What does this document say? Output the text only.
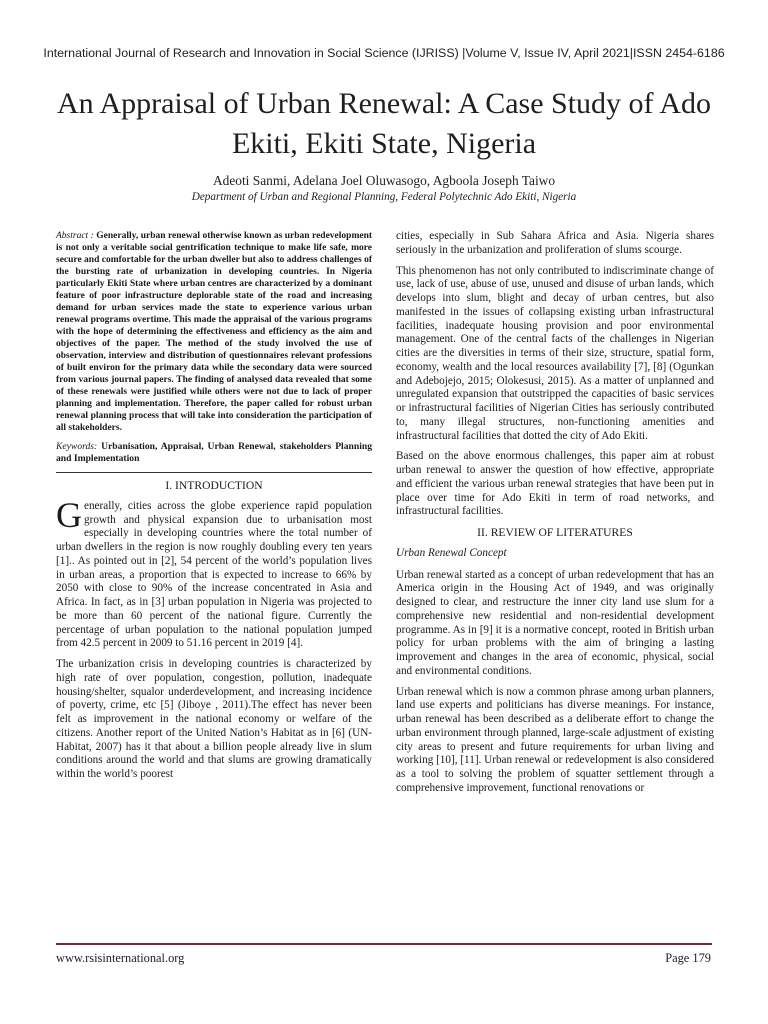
International Journal of Research and Innovation in Social Science (IJRISS) |Volume V, Issue IV, April 2021|ISSN 2454-6186
An Appraisal of Urban Renewal: A Case Study of Ado Ekiti, Ekiti State, Nigeria
Adeoti Sanmi, Adelana Joel Oluwasogo, Agboola Joseph Taiwo
Department of Urban and Regional Planning, Federal Polytechnic Ado Ekiti, Nigeria

Abstract : Generally, urban renewal otherwise known as urban redevelopment is not only a veritable social gentrification technique to make life safe, more secure and comfortable for the urban dweller but also to address challenges of the bursting rate of urbanization in developing countries. In Nigeria particularly Ekiti State where urban centres are characterized by a dominant feature of poor infrastructure deplorable state of the road and increasing demand for urban services made the state to experience various urban renewal programs overtime. This made the appraisal of the various programs with the hope of determining the effectiveness and efficiency as the aim and objectives of the paper. The method of the study involved the use of observation, interview and distribution of questionnaires relevant professions of built environ for the primary data while the secondary data were sourced from various journal papers. The finding of analysed data revealed that some of these renewals were justified while others were not due to lack of proper planning and implementation. Therefore, the paper called for robust urban renewal planning process that will take into consideration the participation of all stakeholders.

Keywords: Urbanisation, Appraisal, Urban Renewal, stakeholders Planning and Implementation

I. INTRODUCTION

Generally, cities across the globe experience rapid population growth and physical expansion due to urbanisation most especially in developing countries where the total number of urban dwellers in the region is now roughly doubling every ten years [1].. As pointed out in [2], 54 percent of the world’s population lives in urban areas, a proportion that is expected to increase to 66% by 2050 with close to 90% of the increase concentrated in Asia and Africa. In fact, as in [3] urban population in Nigeria was projected to be more than 60 percent of the national figure. Currently the percentage of urban population to the national population jumped from 42.5 percent in 2009 to 51.16 percent in 2019 [4].

The urbanization crisis in developing countries is characterized by high rate of over population, congestion, pollution, inadequate housing/shelter, squalor underdevelopment, and increasing incidence of poverty, crime, etc [5] (Jiboye , 2011).The effect has never been felt as improvement in the national economy or welfare of the citizens. Another report of the United Nation’s Habitat as in [6] (UN-Habitat, 2007) has it that about a billion people already live in slum conditions around the world and that slums are growing dramatically within the world’s poorest

cities, especially in Sub Sahara Africa and Asia. Nigeria shares seriously in the urbanization and proliferation of slums scourge.

This phenomenon has not only contributed to indiscriminate change of use, lack of use, abuse of use, unused and disuse of urban lands, which develops into slum, blight and decay of urban centres, but also manifested in the issues of collapsing existing urban infrastructural facilities, inadequate housing provision and poor environmental management. One of the central facts of the challenges in Nigerian cities are the diversities in terms of their size, structure, spatial form, economy, wealth and the local resources availability [7], [8] (Ogunkan and Adebojejo, 2015; Olokesusi, 2015). As a matter of unplanned and unregulated expansion that outstripped the capacities of basic services or infrastructural facilities of Nigerian Cities has seriously contributed to, many illegal structures, non-functioning amenities and infrastructural facilities that dotted the city of Ado Ekiti.

Based on the above enormous challenges, this paper aim at robust urban renewal to answer the question of how effective, appropriate and efficient the various urban renewal strategies that have been put in place over time for Ado Ekiti in term of road networks, and infrastructural facilities.

II. REVIEW OF LITERATURES
Urban Renewal Concept

Urban renewal started as a concept of urban redevelopment that has an America origin in the Housing Act of 1949, and was originally designed to clear, and restructure the inner city land use slum for a comprehensive new residential and non-residential development programme. As in [9] it is a normative concept, rooted in British urban policy for urban problems with the aim of bringing a lasting improvement and changes in the area of economic, physical, social and environmental conditions.

Urban renewal which is now a common phrase among urban planners, land use experts and politicians has diverse meanings. For instance, urban renewal has been described as a deliberate effort to change the urban environment through planned, large-scale adjustment of existing city areas to present and future requirements for urban living and working [10], [11]. Urban renewal or redevelopment is also considered as a tool to solving the problem of squatter settlement through a comprehensive improvement, functional renovations or

www.rsisinternational.org	Page 179
